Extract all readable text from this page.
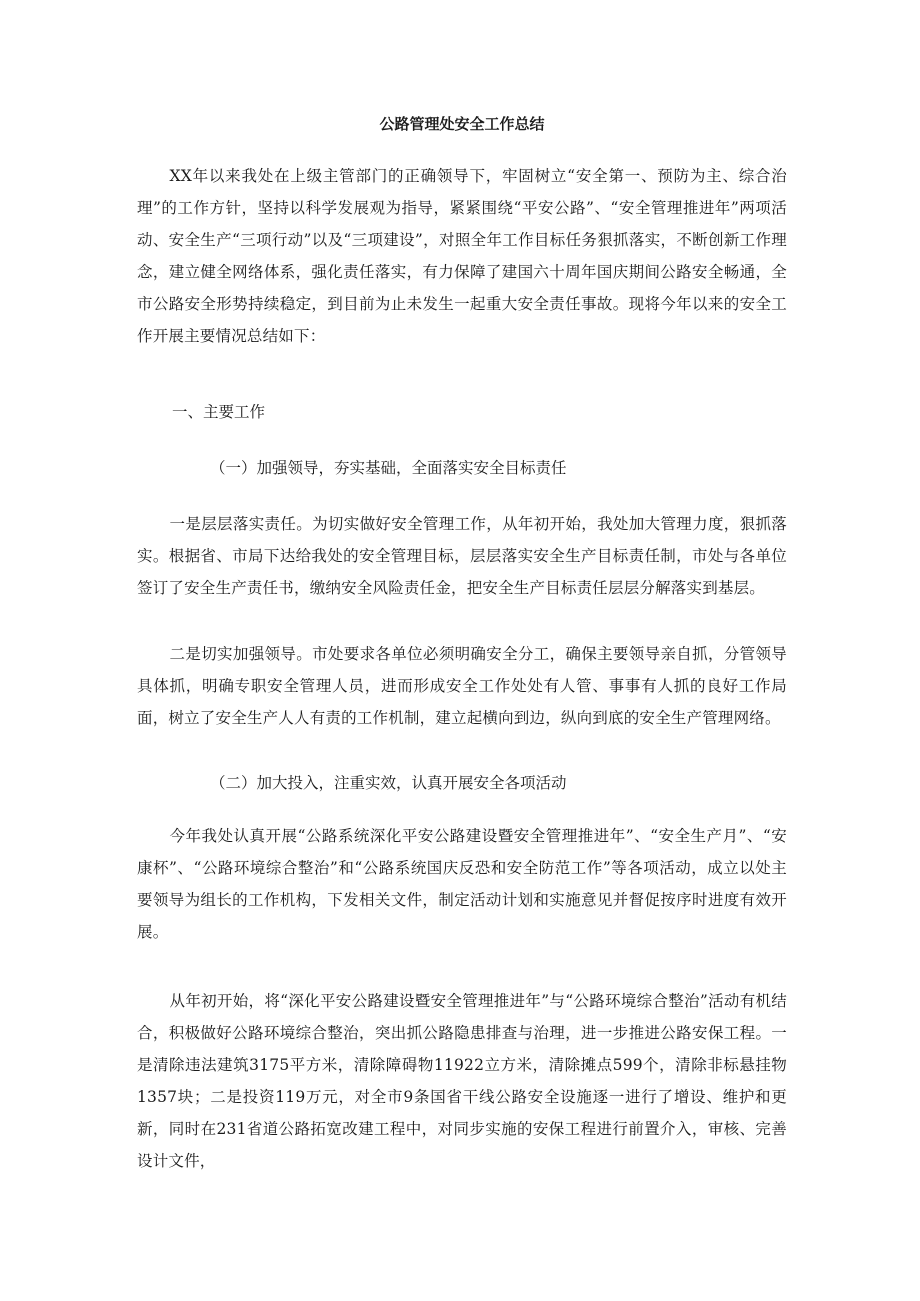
公路管理处安全工作总结

XX年以来我处在上级主管部门的正确领导下，牢固树立“安全第一、预防为主、综合治理”的工作方针，坚持以科学发展观为指导，紧紧围绕“平安公路”、“安全管理推进年”两项活动、安全生产“三项行动”以及“三项建设”，对照全年工作目标任务狠抓落实，不断创新工作理念，建立健全网络体系，强化责任落实，有力保障了建国六十周年国庆期间公路安全畅通，全市公路安全形势持续稳定，到目前为止未发生一起重大安全责任事故。现将今年以来的安全工作开展主要情况总结如下：

一、主要工作

（一）加强领导，夯实基础，全面落实安全目标责任

一是层层落实责任。为切实做好安全管理工作，从年初开始，我处加大管理力度，狠抓落实。根据省、市局下达给我处的安全管理目标，层层落实安全生产目标责任制，市处与各单位签订了安全生产责任书，缴纳安全风险责任金，把安全生产目标责任层层分解落实到基层。

二是切实加强领导。市处要求各单位必须明确安全分工，确保主要领导亲自抓，分管领导具体抓，明确专职安全管理人员，进而形成安全工作处处有人管、事事有人抓的良好工作局面，树立了安全生产人人有责的工作机制，建立起横向到边，纵向到底的安全生产管理网络。

（二）加大投入，注重实效，认真开展安全各项活动

今年我处认真开展“公路系统深化平安公路建设暨安全管理推进年”、“安全生产月”、“安康杯”、“公路环境综合整治”和“公路系统国庆反恐和安全防范工作”等各项活动，成立以处主要领导为组长的工作机构，下发相关文件，制定活动计划和实施意见并督促按序时进度有效开展。

从年初开始，将“深化平安公路建设暨安全管理推进年”与“公路环境综合整治”活动有机结合，积极做好公路环境综合整治，突出抓公路隐患排查与治理，进一步推进公路安保工程。一是清除违法建筑3175平方米，清除障碍物11922立方米，清除摊点599个，清除非标悬挂物1357块；二是投资119万元，对全市9条国省干线公路安全设施逐一进行了增设、维护和更新，同时在231省道公路拓宽改建工程中，对同步实施的安保工程进行前置介入，审核、完善设计文件，
